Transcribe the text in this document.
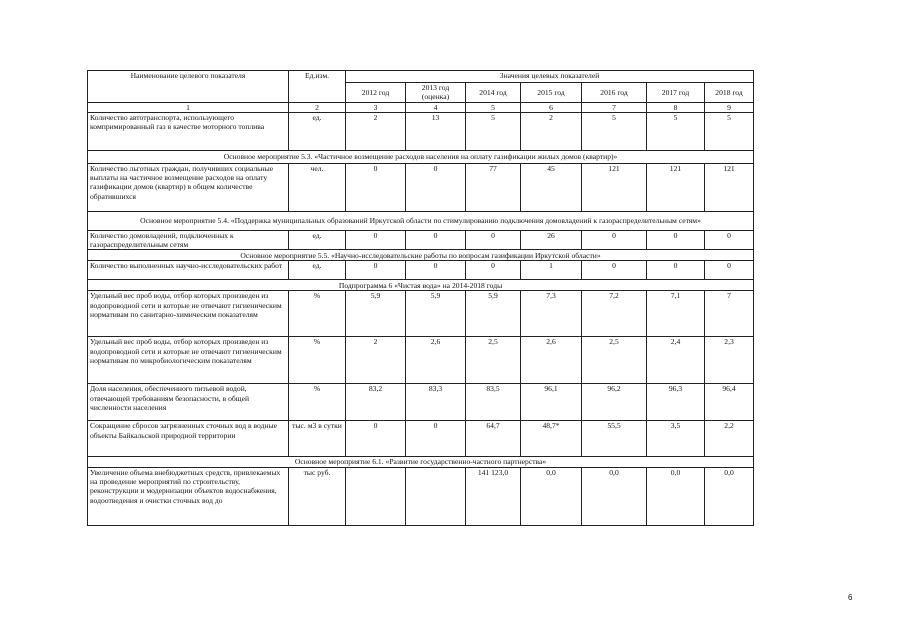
Наименование целевого показателя	Ед.изм.	Значения целевых показателей						
		2012 год	2013 год (оценка)	2014 год	2015 год	2016 год	2017 год	2018 год
1	2	3	4	5	6	7	8	9
Количество автотранспорта, использующего компримированный газ в качестве моторного топлива	ед.	2	13	5	2	5	5	5
Основное мероприятие 5.3. «Частичное возмещение расходов населения на оплату газификации жилых домов (квартир)»								
Количество льготных граждан, получивших социальные выплаты на частичное возмещение расходов на оплату газификации домов (квартир) в общем количестве обратившихся	чел.	0	0	77	45	121	121	121
Основное мероприятие 5.4. «Поддержка муниципальных образований Иркутской области по стимулированию подключения домовладений к газораспределительным сетям»								
Количество домовладений, подключенных к газораспределительным сетям	ед.	0	0	0	26	0	0	0
Основное мероприятие 5.5. «Научно-исследовательские работы по вопросам газификации Иркутской области»								
Количество выполненных научно-исследовательских работ	ед.	0	0	0	1	0	0	0
Подпрограмма 6 «Чистая вода» на 2014-2018 годы								
Удельный вес проб воды, отбор которых произведен из водопроводной сети и которые не отвечают гигиеническим нормативам по санитарно-химическим показателям	%	5,9	5,9	5,9	7,3	7,2	7,1	7
Удельный вес проб воды, отбор которых произведен из водопроводной сети и которые не отвечают гигиеническим нормативам по микробиологическим показателям	%	2	2,6	2,5	2,6	2,5	2,4	2,3
Доля населения, обеспеченного питьевой водой, отвечающей требованиям безопасности, в общей численности населения	%	83,2	83,3	83,5	96,1	96,2	96,3	96,4
Сокращение сбросов загрязненных сточных вод в водные объекты Байкальской природной территории	тыс. м3 в сутки	0	0	64,7	48,7*	55,5	3,5	2,2
Основное мероприятие 6.1. «Развитие государственно-частного партнерства»								
Увеличение объема внебюджетных средств, привлекаемых на проведение мероприятий по строительству, реконструкции и модернизации объектов водоснабжения, водоотведения и очистки сточных вод до	тыс руб.			141 123,0	0,0	0,0	0,0	0,0
6
